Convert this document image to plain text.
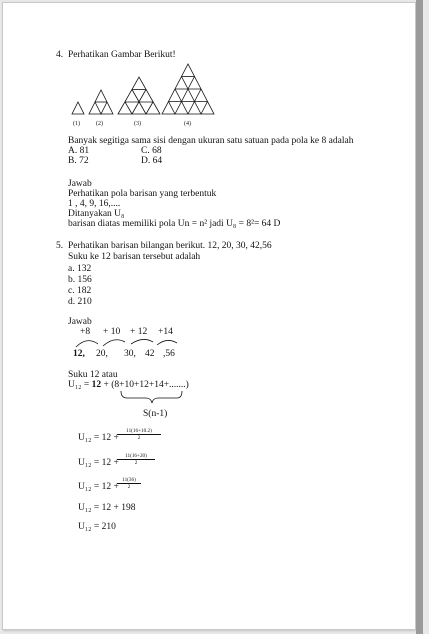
4. Perhatikan Gambar Berikut!
(1)	(2)	(3)	(4)
Banyak segitiga sama sisi dengan ukuran satu satuan pada pola ke 8 adalah
A. 81	C. 68
B. 72	D. 64
Jawab
Perhatikan pola barisan yang terbentuk
1 , 4, 9, 16,....
Ditanyakan U₈
barisan diatas memiliki pola Un = n² jadi U₈ = 8²= 64 D
5. Perhatikan barisan bilangan berikut. 12, 20, 30, 42,56
Suku ke 12 barisan tersebut adalah
a. 132
b. 156
c. 182
d. 210
Jawab
+8 + 10 + 12 +14
12, 20, 30, 42 ,56
Suku 12 atau
U₁₂ = 12 + (8+10+12+14+.......)
S(n-1)
U₁₂ = 12 +
$\frac{11(16+10.2)}{2}$
U₁₂ = 12 +
$\frac{11(16+20)}{2}$
U₁₂ = 12 +
$\frac{11(36)}{2}$
U₁₂ = 12 + 198
U₁₂ = 210
